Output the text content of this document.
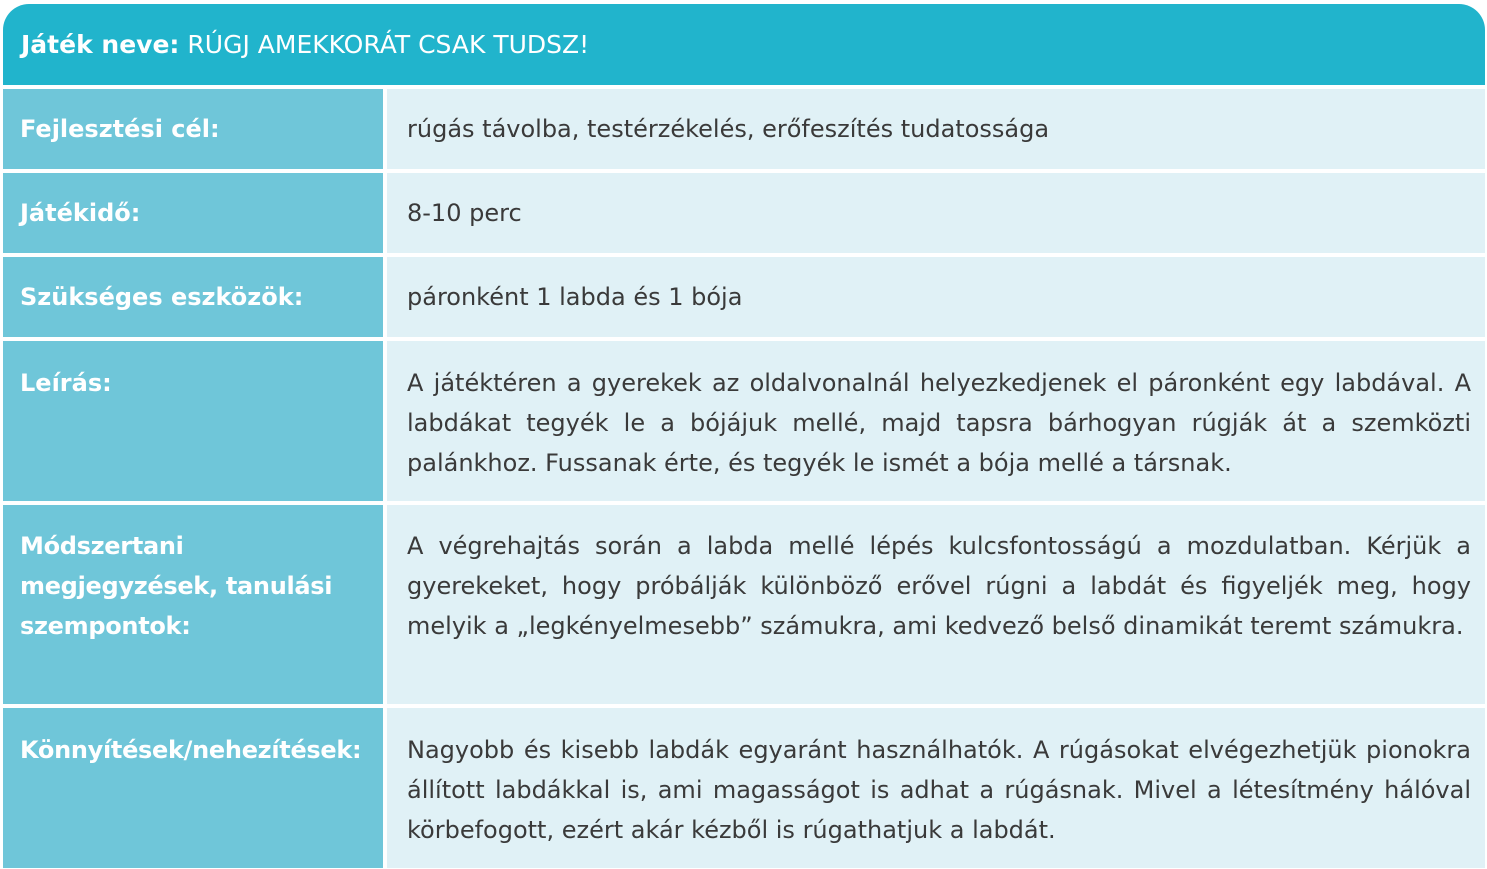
Játék neve: RÚGJ AMEKKORÁT CSAK TUDSZ!
Fejlesztési cél:	rúgás távolba, testérzékelés, erőfeszítés tudatossága
Játékidő:	8-10 perc
Szükséges eszközök:	páronként 1 labda és 1 bója
Leírás:	A játéktéren a gyerekek az oldalvonalnál helyezkedjenek el páronként egy labdával. A labdákat tegyék le a bójájuk mellé, majd tapsra bárhogyan rúgják át a szemközti palánkhoz. Fussanak érte, és tegyék le ismét a bója mellé a társnak.
Módszertani megjegyzések, tanulási szempontok:
A végrehajtás során a labda mellé lépés kulcsfontosságú a mozdulatban. Kérjük a gyerekeket, hogy próbálják különböző erővel rúgni a labdát és figyeljék meg, hogy melyik a „legkényelmesebb” számukra, ami kedvező belső dinamikát teremt számukra.
Könnyítések/nehezítések:	Nagyobb és kisebb labdák egyaránt használhatók. A rúgásokat elvégezhetjük pionokra állított labdákkal is, ami magasságot is adhat a rúgásnak. Mivel a létesítmény hálóval körbefogott, ezért akár kézből is rúgathatjuk a labdát.
